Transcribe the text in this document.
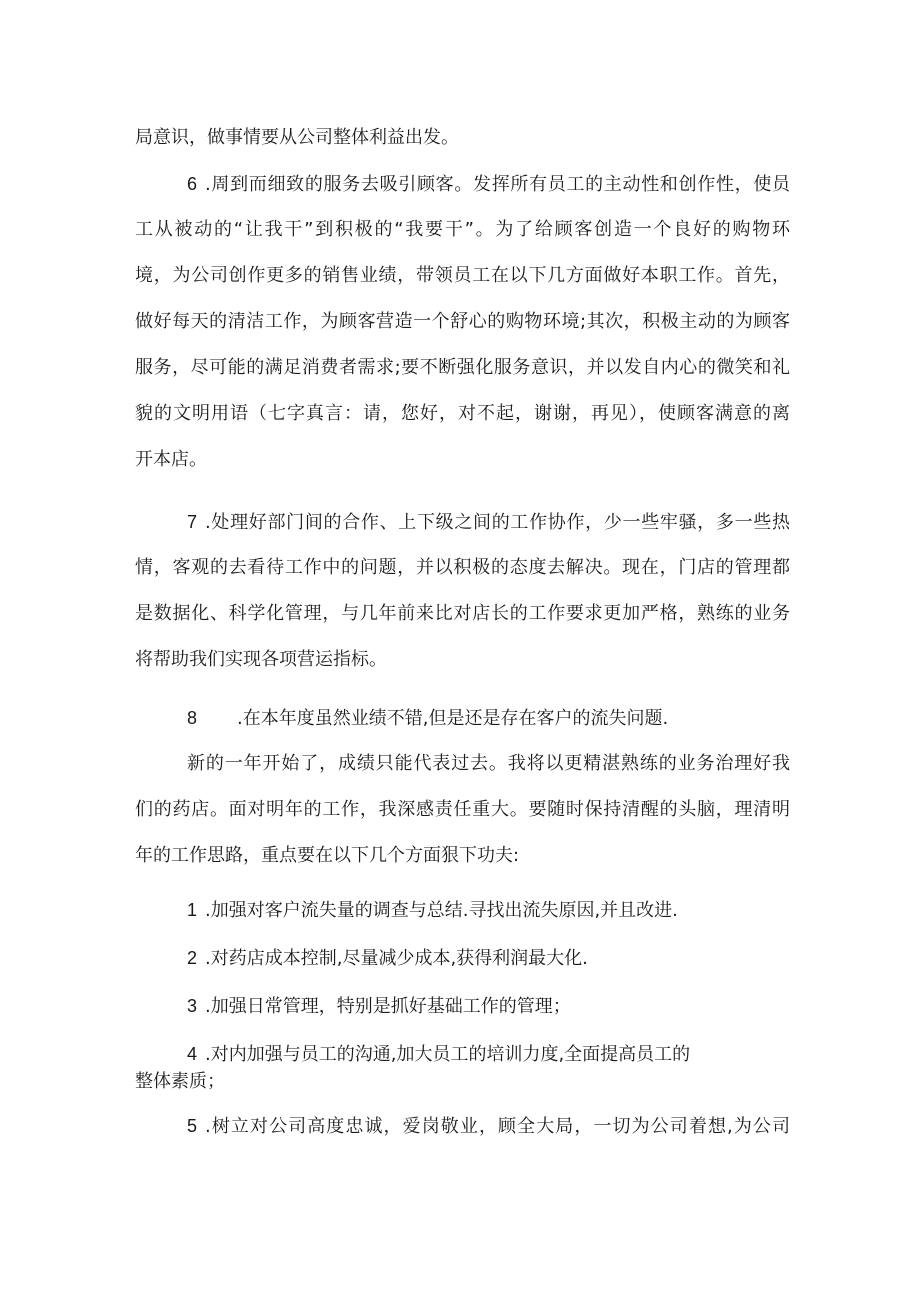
局意识，做事情要从公司整体利益出发。
6 .周到而细致的服务去吸引顾客。发挥所有员工的主动性和创作性，使员
工从被动的“让我干”到积极的“我要干”。为了给顾客创造一个良好的购物环
境，为公司创作更多的销售业绩，带领员工在以下几方面做好本职工作。首先，
做好每天的清洁工作，为顾客营造一个舒心的购物环境;其次，积极主动的为顾客
服务，尽可能的满足消费者需求;要不断强化服务意识，并以发自内心的微笑和礼
貌的文明用语（七字真言：请，您好，对不起，谢谢，再见），使顾客满意的离
开本店。
7 .处理好部门间的合作、上下级之间的工作协作，少一些牢骚，多一些热
情，客观的去看待工作中的问题，并以积极的态度去解决。现在，门店的管理都
是数据化、科学化管理，与几年前来比对店长的工作要求更加严格，熟练的业务
将帮助我们实现各项营运指标。
8 .在本年度虽然业绩不错,但是还是存在客户的流失问题.
新的一年开始了，成绩只能代表过去。我将以更精湛熟练的业务治理好我
们的药店。面对明年的工作，我深感责任重大。要随时保持清醒的头脑，理清明
年的工作思路，重点要在以下几个方面狠下功夫:
1 .加强对客户流失量的调查与总结.寻找出流失原因,并且改进.
2 .对药店成本控制,尽量减少成本,获得利润最大化.
3 .加强日常管理，特别是抓好基础工作的管理；
4 .对内加强与员工的沟通,加大员工的培训力度,全面提高员工的
整体素质；
5 .树立对公司高度忠诚，爱岗敬业，顾全大局，一切为公司着想,为公司
